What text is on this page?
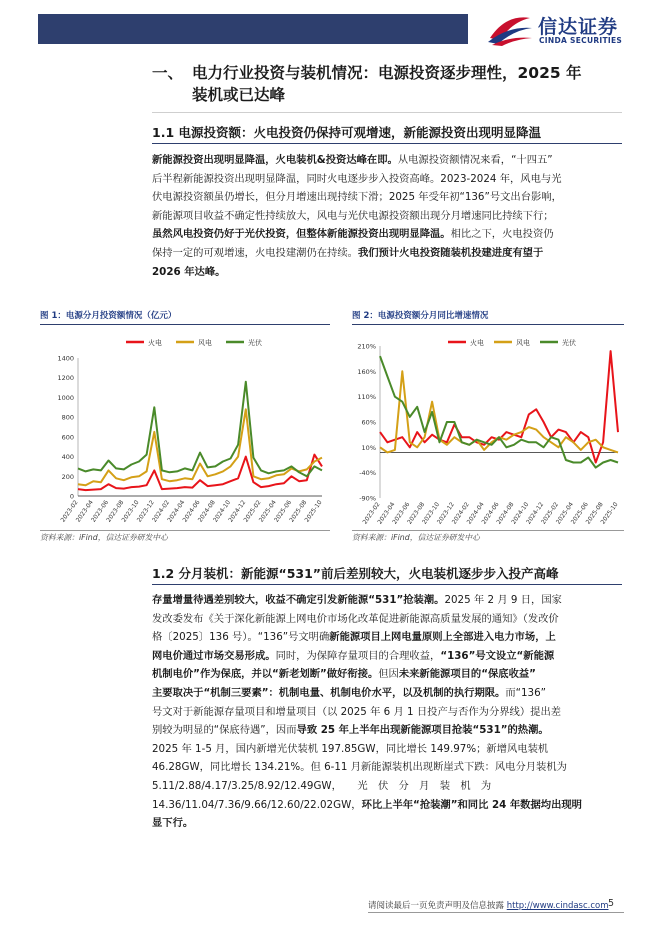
信达证券
CINDA SECURITIES
一、 电力行业投资与装机情况：电源投资逐步理性，2025 年
装机或已达峰
1.1 电源投资额：火电投资仍保持可观增速，新能源投资出现明显降温
新能源投资出现明显降温，火电装机&投资达峰在即。从电源投资额情况来看，“十四五”
后半程新能源投资出现明显降温，同时火电逐步步入投资高峰。2023-2024 年，风电与光
伏电源投资额虽仍增长，但分月增速出现持续下滑；2025 年受年初“136”号文出台影响，
新能源项目收益不确定性持续放大，风电与光伏电源投资额出现分月增速同比持续下行；
虽然风电投资仍好于光伏投资，但整体新能源投资出现明显降温。相比之下，火电投资仍
保持一定的可观增速，火电投建潮仍在持续。我们预计火电投资随装机投建进度有望于
2026 年达峰。
图 1：电源分月投资额情况（亿元）	图 2：电源投资额分月同比增速情况
火电	风电	光伏
0
200
400
600
800
1000
1200
1400
2023-02
2023-04
2023-06
2023-08
2023-10
2023-12
2024-02
2024-04
2024-06
2024-08
2024-10
2024-12
2025-02
2025-04
2025-06
2025-08
2025-10
火电	风电	光伏
210%
160%
110%
60%
10%
-40%
-90%
2023-02
2023-04
2023-06
2023-08
2023-10
2023-12
2024-02
2024-04
2024-06
2024-08
2024-10
2024-12
2025-02
2025-04
2025-06
2025-08
2025-10
资料来源：iFind，信达证券研发中心	资料来源：iFind，信达证券研发中心
1.2 分月装机：新能源“531”前后差别较大，火电装机逐步步入投产高峰
存量增量待遇差别较大，收益不确定引发新能源“531”抢装潮。2025 年 2 月 9 日，国家
发改委发布《关于深化新能源上网电价市场化改革促进新能源高质量发展的通知》（发改价
格〔2025〕136 号）。“136”号文明确新能源项目上网电量原则上全部进入电力市场，上
网电价通过市场交易形成。同时，为保障存量项目的合理收益，“136”号文设立“新能源
机制电价”作为保底，并以“新老划断”做好衔接。但因未来新能源项目的“保底收益”
主要取决于“机制三要素”：机制电量、机制电价水平，以及机制的执行期限。而“136”
号文对于新能源存量项目和增量项目（以 2025 年 6 月 1 日投产与否作为分界线）提出差
别较为明显的“保底待遇”，因而导致 25 年上半年出现新能源项目抢装“531”的热潮。
2025 年 1-5 月，国内新增光伏装机 197.85GW，同比增长 149.97%；新增风电装机
46.28GW，同比增长 134.21%。但 6-11 月新能源装机出现断崖式下跌：风电分月装机为
5.11/2.88/4.17/3.25/8.92/12.49GW，　　光　伏　分　月　装　机　为
14.36/11.04/7.36/9.66/12.60/22.02GW，环比上半年“抢装潮”和同比 24 年数据均出现明
显下行。
请阅读最后一页免责声明及信息披露 http://www.cindasc.com 5
